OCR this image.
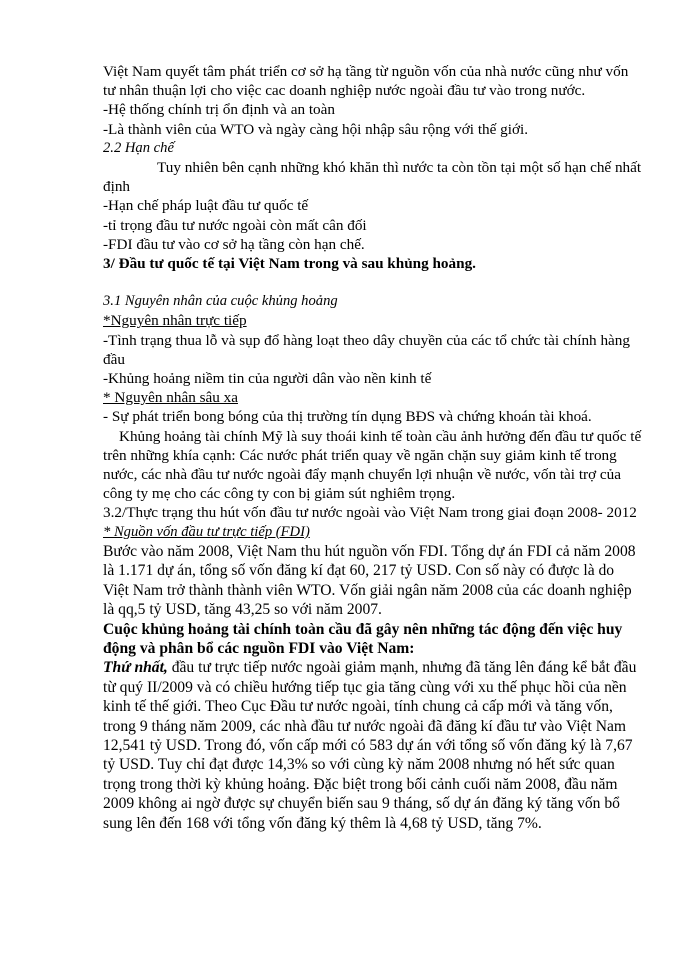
Việt Nam quyết tâm phát triển cơ sở hạ tầng từ nguồn vốn của nhà nước cũng như vốn tư nhân thuận lợi cho việc cac doanh nghiệp nước ngoài đầu tư vào trong nước.

-Hệ thống chính trị ổn định và an toàn

-Là thành viên của WTO và ngày càng hội nhập sâu rộng với thế giới.

2.2 Hạn chế

Tuy nhiên bên cạnh những khó khăn thì nước ta còn tồn tại một số hạn chế nhất định

-Hạn chế pháp luật đầu tư quốc tế

-tỉ trọng đầu tư nước ngoài còn mất cân đối

-FDI đầu tư vào cơ sở hạ tầng còn hạn chế.

3/ Đầu tư quốc tế tại Việt Nam trong và sau khủng hoảng.

3.1 Nguyên nhân của cuộc khủng hoảng

*Nguyên nhân trực tiếp

-Tình trạng thua lỗ và sụp đổ hàng loạt theo dây chuyền của các tổ chức tài chính hàng đầu

-Khủng hoảng niềm tin của người dân vào nền kinh tế

* Nguyên nhân sâu xa

- Sự phát triển bong bóng của thị trường tín dụng BĐS và chứng khoán tài khoá.

Khủng hoảng tài chính Mỹ là suy thoái kinh tế toàn cầu ảnh hưởng đến đầu tư quốc tế trên những khía cạnh: Các nước phát triển quay về ngăn chặn suy giảm kinh tế trong nước, các nhà đầu tư nước ngoài đẩy mạnh chuyển lợi nhuận về nước, vốn tài trợ của công ty mẹ cho các công ty con bị giảm sút nghiêm trọng.

3.2/Thực trạng thu hút vốn đầu tư nước ngoài vào Việt Nam trong giai đoạn 2008- 2012

* Nguồn vốn đầu tư trực tiếp (FDI)

Bước vào năm 2008, Việt Nam thu hút nguồn vốn FDI. Tổng dự án FDI cả năm 2008 là 1.171 dự án, tổng số vốn đăng kí đạt 60, 217 tỷ USD. Con số này có được là do Việt Nam trở thành thành viên WTO. Vốn giải ngân năm 2008 của các doanh nghiệp là qq,5 tỷ USD, tăng 43,25 so với năm 2007.

Cuộc khủng hoảng tài chính toàn cầu đã gây nên những tác động đến việc huy động và phân bổ các nguồn FDI vào Việt Nam:

Thứ nhất, đầu tư trực tiếp nước ngoài giảm mạnh, nhưng đã tăng lên đáng kể bắt đầu từ quý II/2009 và có chiều hướng tiếp tục gia tăng cùng với xu thế phục hồi của nền kinh tế thế giới. Theo Cục Đầu tư nước ngoài, tính chung cả cấp mới và tăng vốn, trong 9 tháng năm 2009, các nhà đầu tư nước ngoài đã đăng kí đầu tư vào Việt Nam 12,541 tỷ USD. Trong đó, vốn cấp mới có 583 dự án với tổng số vốn đăng ký là 7,67 tỷ USD. Tuy chỉ đạt được 14,3% so với cùng kỳ năm 2008 nhưng nó hết sức quan trọng trong thời kỳ khủng hoảng. Đặc biệt trong bối cảnh cuối năm 2008, đầu năm 2009 không ai ngờ được sự chuyển biến sau 9 tháng, số dự án đăng ký tăng vốn bổ sung lên đến 168 với tổng vốn đăng ký thêm là 4,68 tỷ USD, tăng 7%.
